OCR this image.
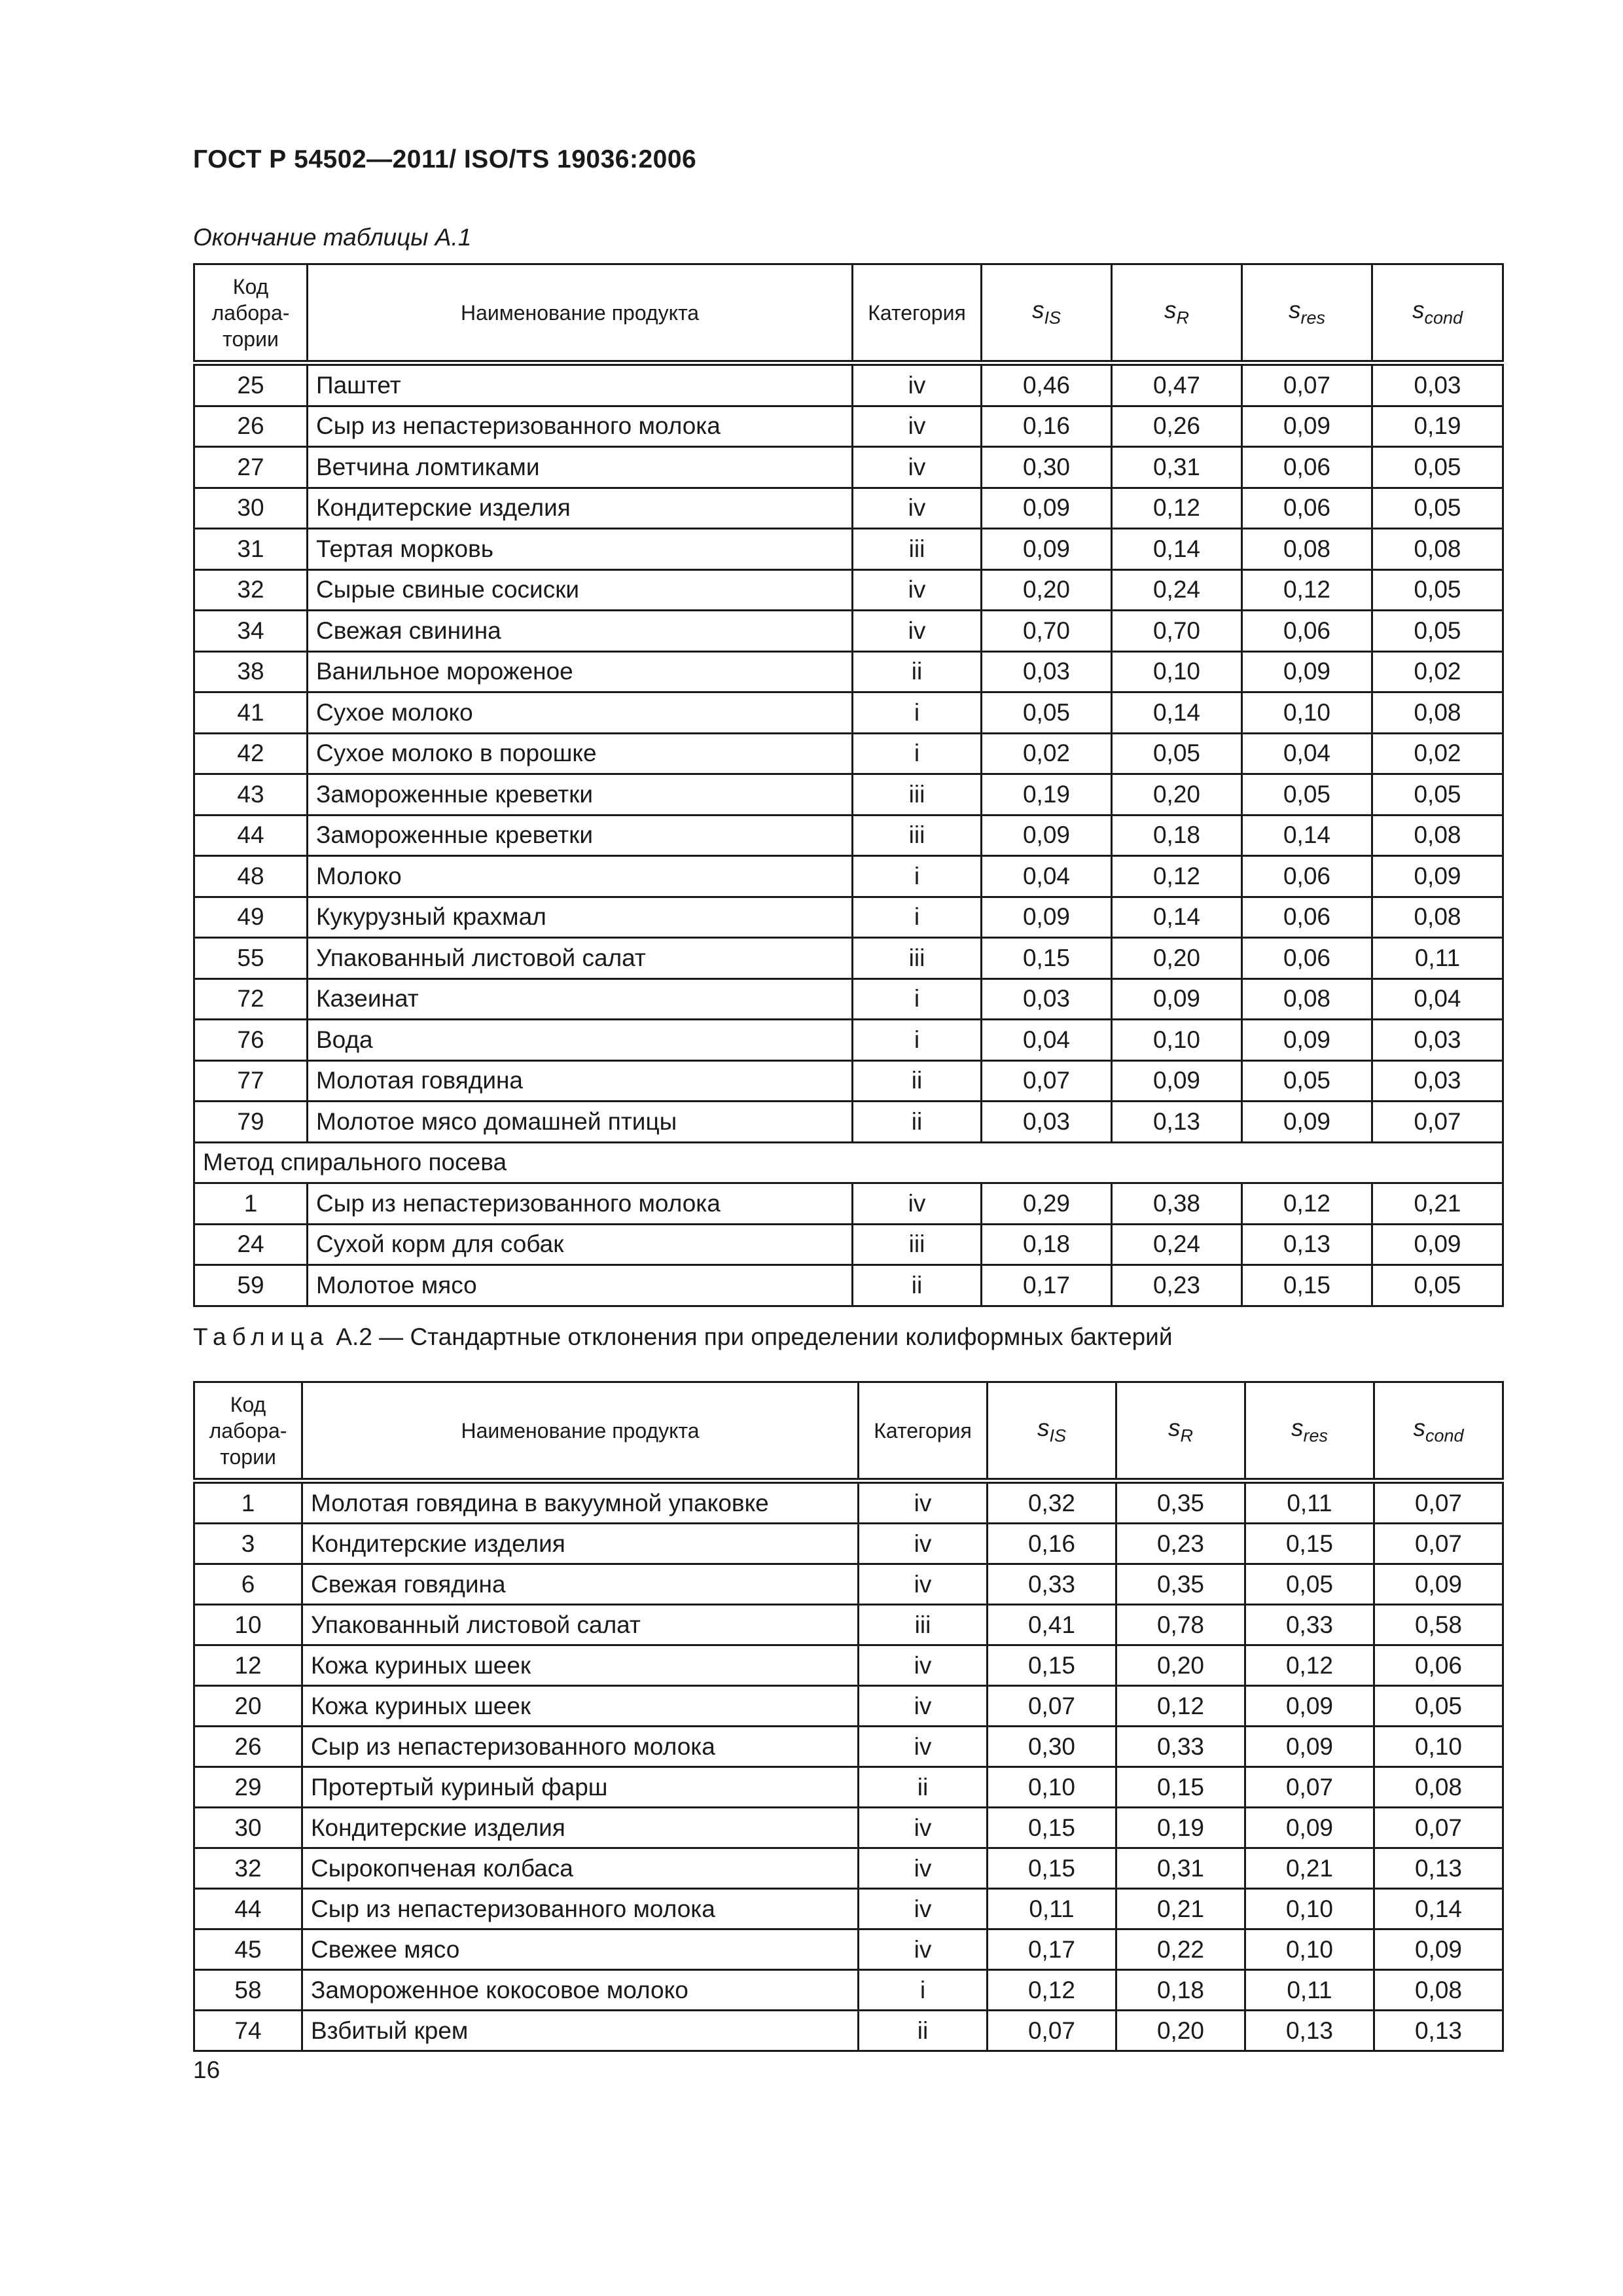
ГОСТ Р 54502—2011/ ISO/TS 19036:2006
Окончание таблицы А.1
Код
лабора-
тории	Наименование продукта	Категория	$s_{IS}$	$s_R$	$s_{res}$	$s_{cond}$

25	Паштет	iv	0,46	0,47	0,07	0,03
26	Сыр из непастеризованного молока	iv	0,16	0,26	0,09	0,19
27	Ветчина ломтиками	iv	0,30	0,31	0,06	0,05
30	Кондитерские изделия	iv	0,09	0,12	0,06	0,05
31	Тертая морковь	iii	0,09	0,14	0,08	0,08
32	Сырые свиные сосиски	iv	0,20	0,24	0,12	0,05
34	Свежая свинина	iv	0,70	0,70	0,06	0,05
38	Ванильное мороженое	ii	0,03	0,10	0,09	0,02
41	Сухое молоко	i	0,05	0,14	0,10	0,08
42	Сухое молоко в порошке	i	0,02	0,05	0,04	0,02
43	Замороженные креветки	iii	0,19	0,20	0,05	0,05
44	Замороженные креветки	iii	0,09	0,18	0,14	0,08
48	Молоко	i	0,04	0,12	0,06	0,09
49	Кукурузный крахмал	i	0,09	0,14	0,06	0,08
55	Упакованный листовой салат	iii	0,15	0,20	0,06	0,11
72	Казеинат	i	0,03	0,09	0,08	0,04
76	Вода	i	0,04	0,10	0,09	0,03
77	Молотая говядина	ii	0,07	0,09	0,05	0,03
79	Молотое мясо домашней птицы	ii	0,03	0,13	0,09	0,07
Метод спирального посева						
1	Сыр из непастеризованного молока	iv	0,29	0,38	0,12	0,21
24	Сухой корм для собак	iii	0,18	0,24	0,13	0,09
59	Молотое мясо	ii	0,17	0,23	0,15	0,05
Таблица А.2 — Стандартные отклонения при определении колиформных бактерий
Код
лабора-
тории	Наименование продукта	Категория	$s_{IS}$	$s_R$	$s_{res}$	$s_{cond}$

1	Молотая говядина в вакуумной упаковке	iv	0,32	0,35	0,11	0,07
3	Кондитерские изделия	iv	0,16	0,23	0,15	0,07
6	Свежая говядина	iv	0,33	0,35	0,05	0,09
10	Упакованный листовой салат	iii	0,41	0,78	0,33	0,58
12	Кожа куриных шеек	iv	0,15	0,20	0,12	0,06
20	Кожа куриных шеек	iv	0,07	0,12	0,09	0,05
26	Сыр из непастеризованного молока	iv	0,30	0,33	0,09	0,10
29	Протертый куриный фарш	ii	0,10	0,15	0,07	0,08
30	Кондитерские изделия	iv	0,15	0,19	0,09	0,07
32	Сырокопченая колбаса	iv	0,15	0,31	0,21	0,13
44	Сыр из непастеризованного молока	iv	0,11	0,21	0,10	0,14
45	Свежее мясо	iv	0,17	0,22	0,10	0,09
58	Замороженное кокосовое молоко	i	0,12	0,18	0,11	0,08
74	Взбитый крем	ii	0,07	0,20	0,13	0,13
16
